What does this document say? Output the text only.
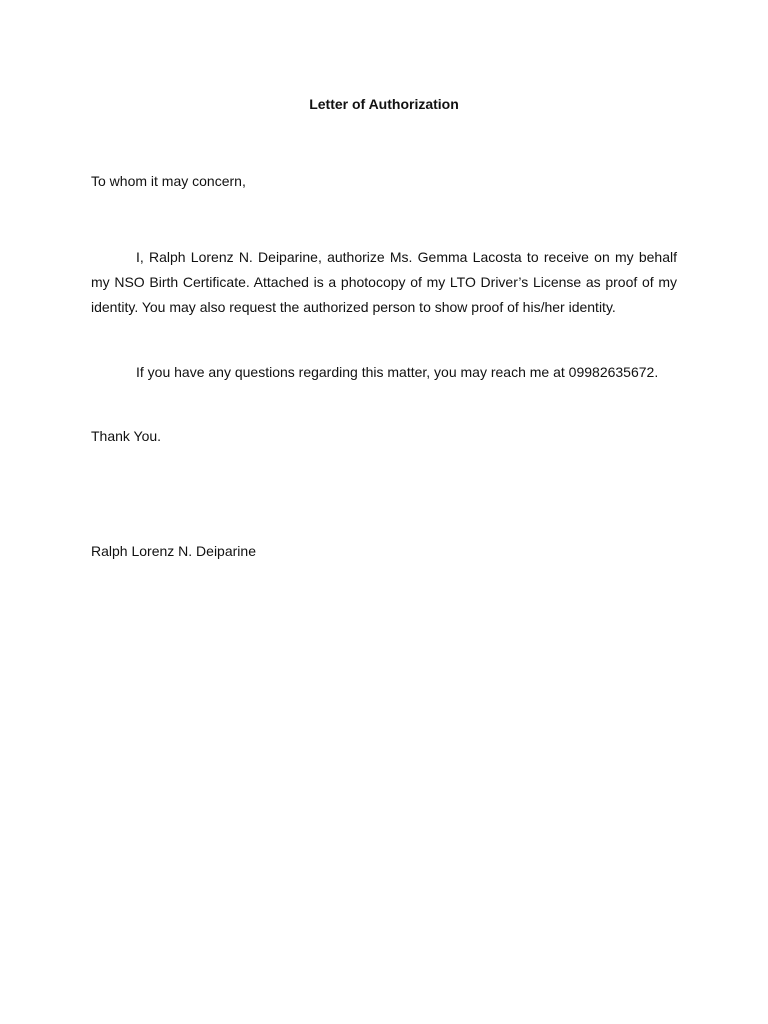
Letter of Authorization
To whom it may concern,

I, Ralph Lorenz N. Deiparine, authorize Ms. Gemma Lacosta to receive on my behalf my NSO Birth Certificate. Attached is a photocopy of my LTO Driver’s License as proof of my identity. You may also request the authorized person to show proof of his/her identity.

If you have any questions regarding this matter, you may reach me at 09982635672.

Thank You.
Ralph Lorenz N. Deiparine
